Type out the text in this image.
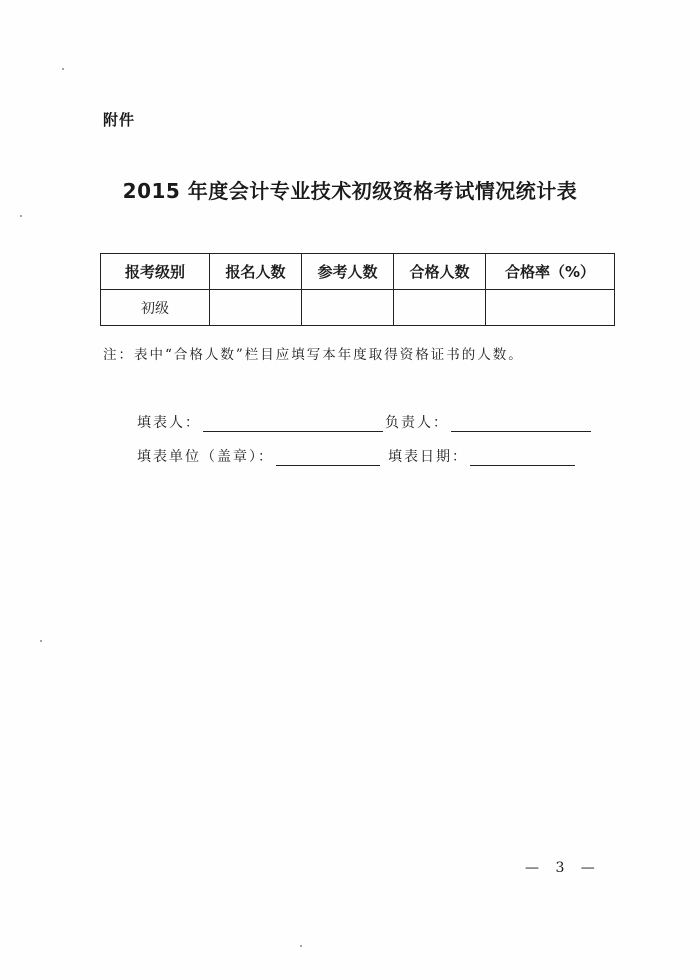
附件
2015 年度会计专业技术初级资格考试情况统计表
报考级别	报名人数	参考人数	合格人数	合格率（%）
初级				
注：表中“合格人数”栏目应填写本年度取得资格证书的人数。
填表人：	负责人：
填表单位（盖章）：	填表日期：
— 3 —
